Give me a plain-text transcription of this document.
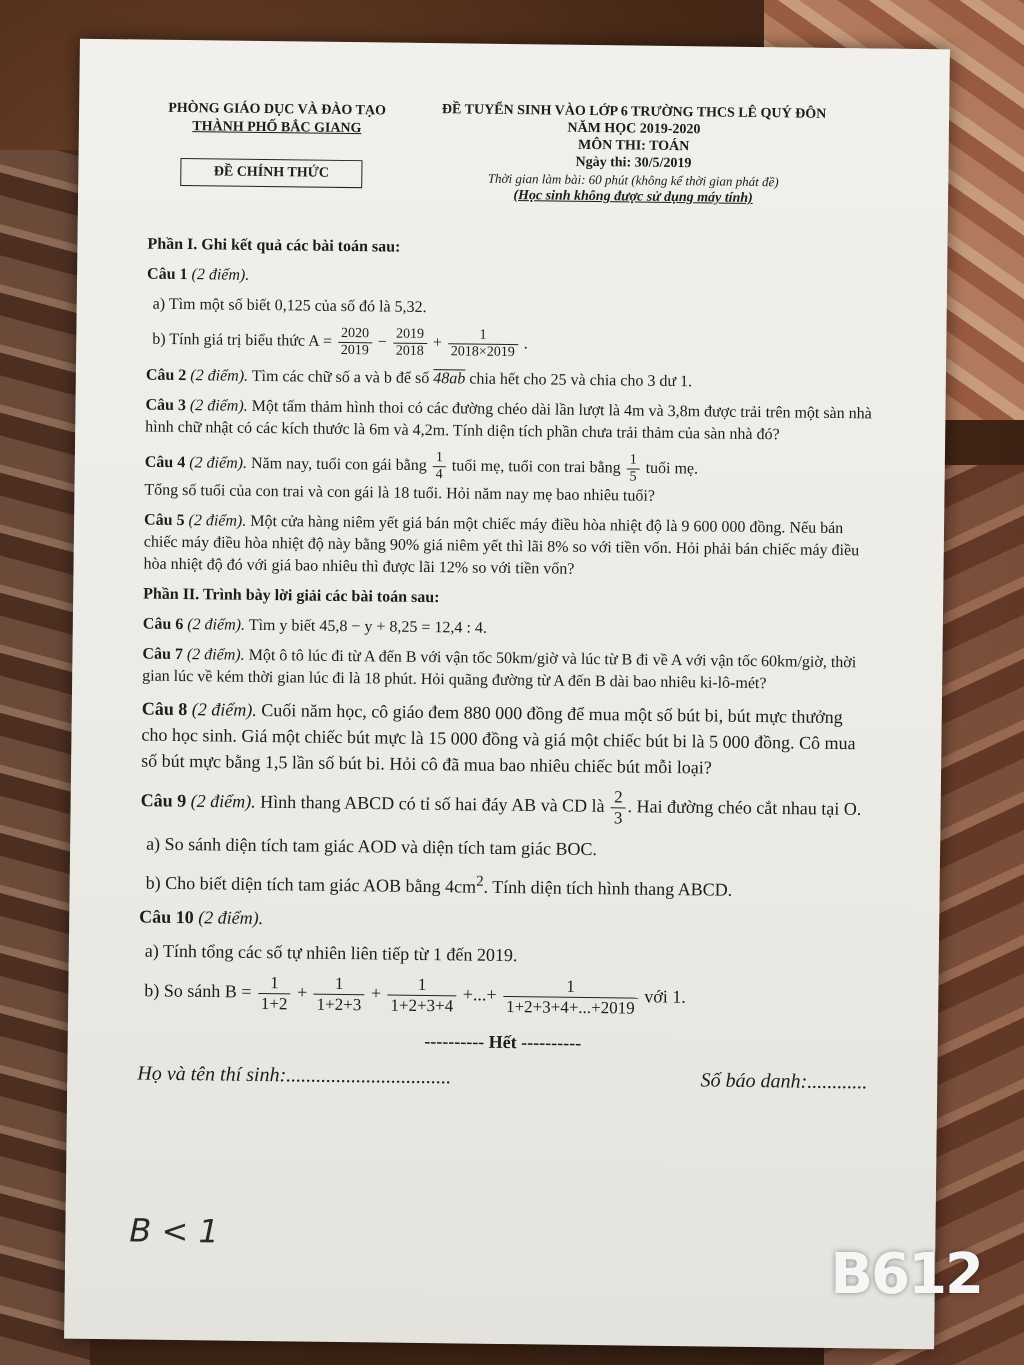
PHÒNG GIÁO DỤC VÀ ĐÀO TẠO
THÀNH PHỐ BẮC GIANG
ĐỀ CHÍNH THỨC
ĐỀ TUYỂN SINH VÀO LỚP 6 TRƯỜNG THCS LÊ QUÝ ĐÔN
NĂM HỌC 2019-2020
MÔN THI: TOÁN
Ngày thi: 30/5/2019
Thời gian làm bài: 60 phút (không kể thời gian phát đề)
(Học sinh không được sử dụng máy tính)
Phần I. Ghi kết quả các bài toán sau:

Câu 1 (2 điểm).

a) Tìm một số biết 0,125 của số đó là 5,32.

b) Tính giá trị biểu thức $A = \frac{2020}{2019} - \frac{2019}{2018} + \frac{1}{2018\times 2019}$ .

Câu 2 (2 điểm). Tìm các chữ số a và b để số 48ab chia hết cho 25 và chia cho 3 dư 1.

Câu 3 (2 điểm). Một tấm thảm hình thoi có các đường chéo dài lần lượt là 4m và 3,8m được trải trên một sàn nhà hình chữ nhật có các kích thước là 6m và 4,2m. Tính diện tích phần chưa trải thảm của sàn nhà đó?

Câu 4 (2 điểm). Năm nay, tuổi con gái bằng $\frac{1}{4}$ tuổi mẹ, tuổi con trai bằng $\frac{1}{5}$ tuổi mẹ.
Tổng số tuổi của con trai và con gái là 18 tuổi. Hỏi năm nay mẹ bao nhiêu tuổi?

Câu 5 (2 điểm). Một cửa hàng niêm yết giá bán một chiếc máy điều hòa nhiệt độ là 9 600 000 đồng. Nếu bán chiếc máy điều hòa nhiệt độ này bằng 90% giá niêm yết thì lãi 8% so với tiền vốn. Hỏi phải bán chiếc máy điều hòa nhiệt độ đó với giá bao nhiêu thì được lãi 12% so với tiền vốn?

Phần II. Trình bày lời giải các bài toán sau:

Câu 6 (2 điểm). Tìm y biết 45,8 − y + 8,25 = 12,4 : 4.

Câu 7 (2 điểm). Một ô tô lúc đi từ A đến B với vận tốc 50km/giờ và lúc từ B đi về A với vận tốc 60km/giờ, thời gian lúc về kém thời gian lúc đi là 18 phút. Hỏi quãng đường từ A đến B dài bao nhiêu ki-lô-mét?

Câu 8 (2 điểm). Cuối năm học, cô giáo đem 880 000 đồng để mua một số bút bi, bút mực thưởng cho học sinh. Giá một chiếc bút mực là 15 000 đồng và giá một chiếc bút bi là 5 000 đồng. Cô mua số bút mực bằng 1,5 lần số bút bi. Hỏi cô đã mua bao nhiêu chiếc bút mỗi loại?

Câu 9 (2 điểm). Hình thang ABCD có tỉ số hai đáy AB và CD là $\frac{2}{3}$ . Hai đường chéo cắt nhau tại O.

a) So sánh diện tích tam giác AOD và diện tích tam giác BOC.

b) Cho biết diện tích tam giác AOB bằng $4cm^2$. Tính diện tích hình thang ABCD.

Câu 10 (2 điểm).

a) Tính tổng các số tự nhiên liên tiếp từ 1 đến 2019.

b) So sánh $B = \frac{1}{1+2} + \frac{1}{1+2+3} + \frac{1}{1+2+3+4}$ +...+ $\frac{1}{1+2+3+4+...+2019}$ với 1.

---------- Hết ----------
Họ và tên thí sinh:.................................	Số báo danh:............
B < 1
B612
